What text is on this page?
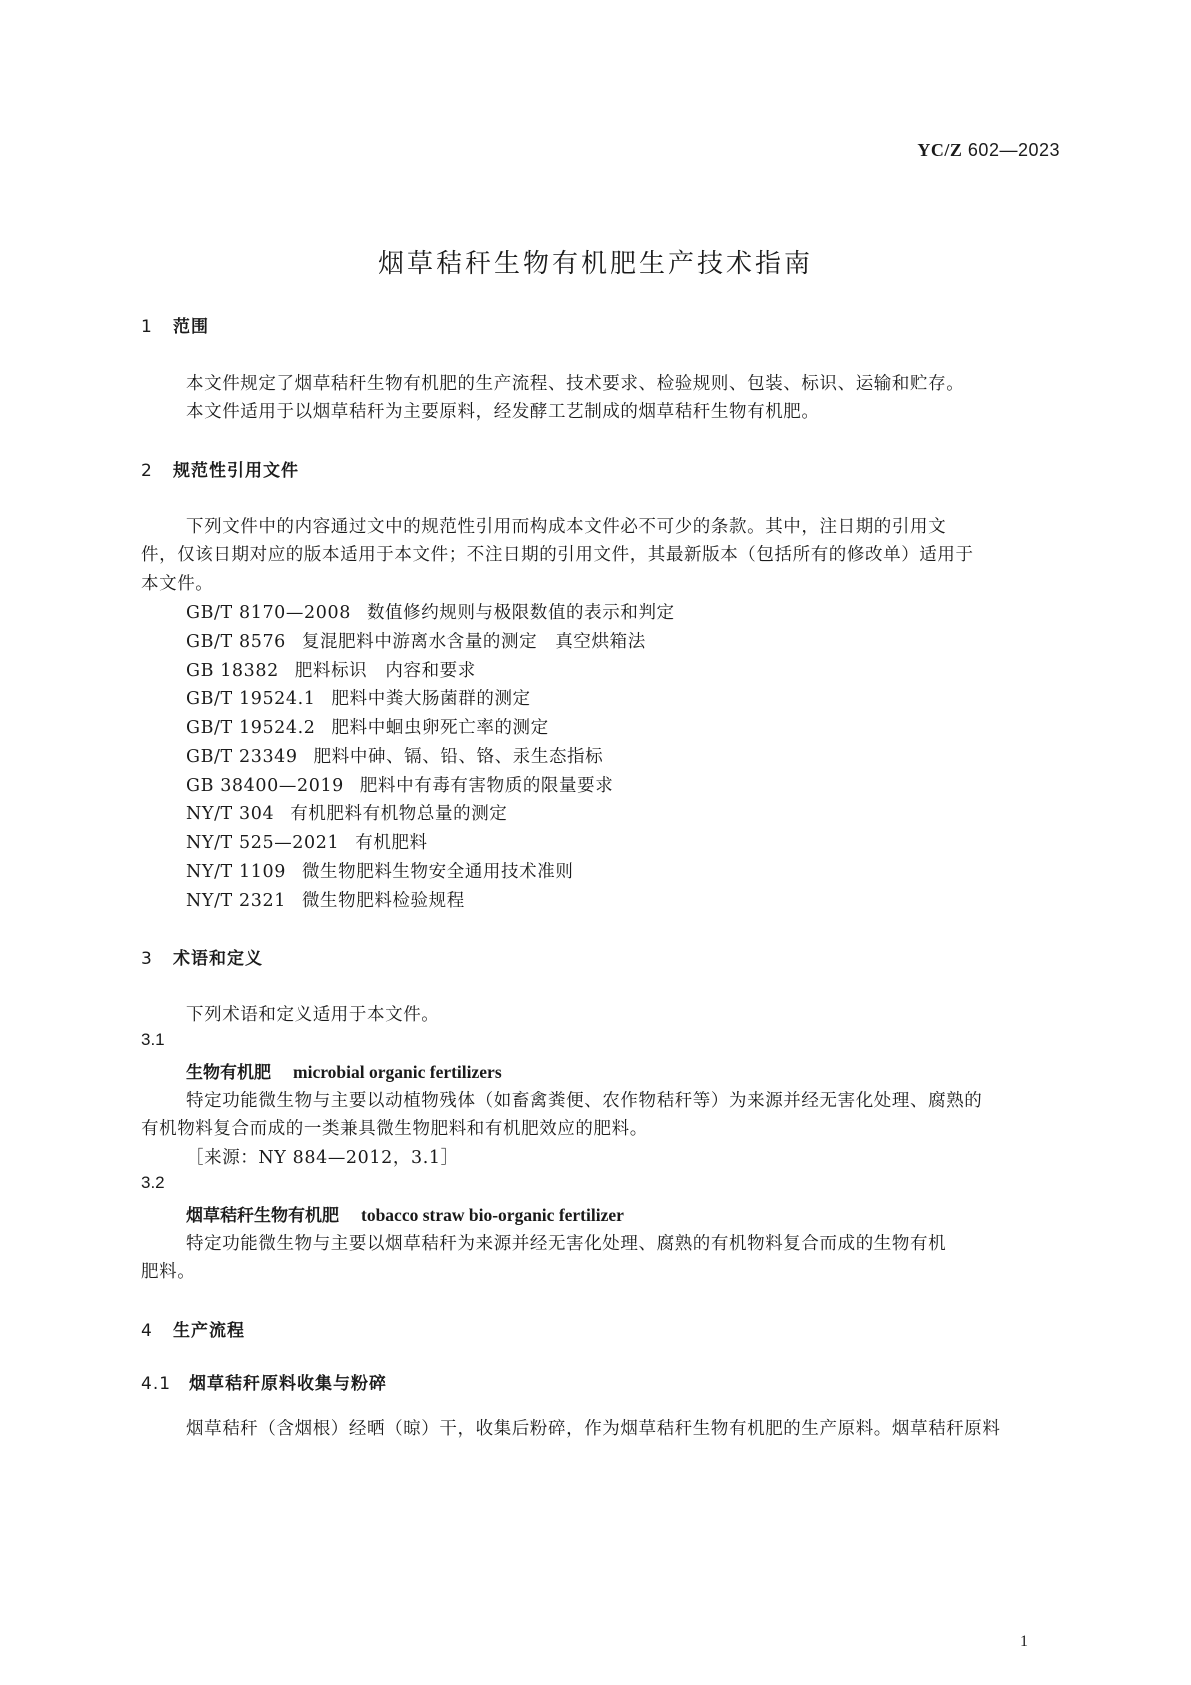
YC/Z 602—2023
烟草秸秆生物有机肥生产技术指南
1 范围
本文件规定了烟草秸秆生物有机肥的生产流程、技术要求、检验规则、包装、标识、运输和贮存。
本文件适用于以烟草秸秆为主要原料，经发酵工艺制成的烟草秸秆生物有机肥。
2 规范性引用文件
下列文件中的内容通过文中的规范性引用而构成本文件必不可少的条款。其中，注日期的引用文
件，仅该日期对应的版本适用于本文件；不注日期的引用文件，其最新版本（包括所有的修改单）适用于
本文件。
GB/T 8170—2008 数值修约规则与极限数值的表示和判定
GB/T 8576 复混肥料中游离水含量的测定　真空烘箱法
GB 18382 肥料标识　内容和要求
GB/T 19524.1 肥料中粪大肠菌群的测定
GB/T 19524.2 肥料中蛔虫卵死亡率的测定
GB/T 23349 肥料中砷、镉、铅、铬、汞生态指标
GB 38400—2019 肥料中有毒有害物质的限量要求
NY/T 304 有机肥料有机物总量的测定
NY/T 525—2021 有机肥料
NY/T 1109 微生物肥料生物安全通用技术准则
NY/T 2321 微生物肥料检验规程
3 术语和定义
下列术语和定义适用于本文件。
3.1
生物有机肥 microbial organic fertilizers
特定功能微生物与主要以动植物残体（如畜禽粪便、农作物秸秆等）为来源并经无害化处理、腐熟的
有机物料复合而成的一类兼具微生物肥料和有机肥效应的肥料。
［来源：NY 884—2012，3.1］
3.2
烟草秸秆生物有机肥 tobacco straw bio-organic fertilizer
特定功能微生物与主要以烟草秸秆为来源并经无害化处理、腐熟的有机物料复合而成的生物有机
肥料。
4 生产流程
4.1 烟草秸秆原料收集与粉碎
烟草秸秆（含烟根）经晒（晾）干，收集后粉碎，作为烟草秸秆生物有机肥的生产原料。烟草秸秆原料
1
